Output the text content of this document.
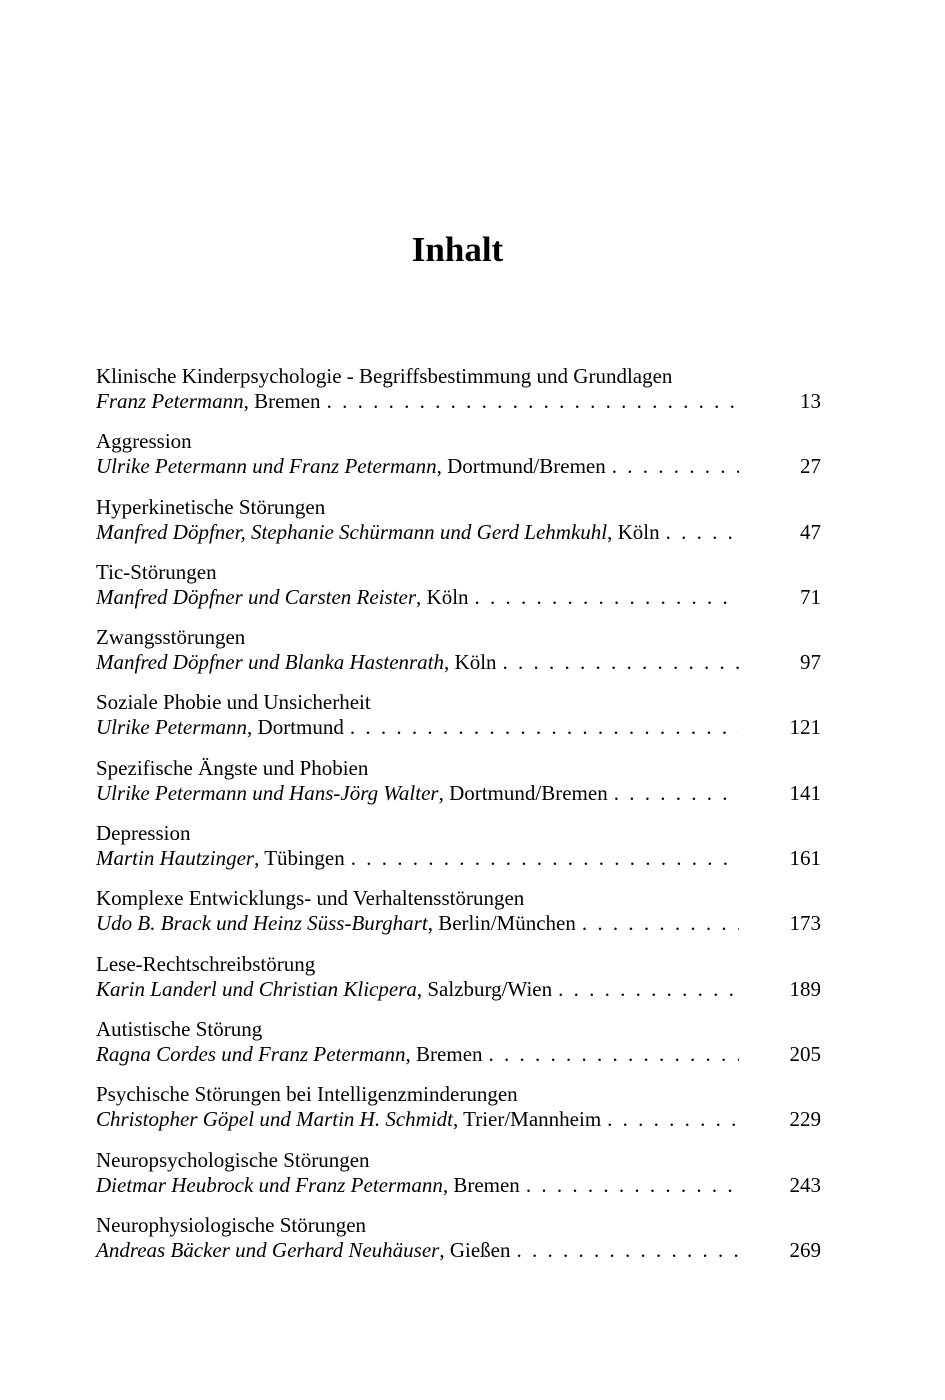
Inhalt
Klinische Kinderpsychologie - Begriffsbestimmung und Grundlagen
Franz Petermann , Bremen . . .	13
Aggression
Ulrike Petermann und Franz Petermann , Dortmund/Bremen . . .	27
Hyperkinetische Störungen
Manfred Döpfner, Stephanie Schürmann und Gerd Lehmkuhl , Köln . . .	47
Tic-Störungen
Manfred Döpfner und Carsten Reister , Köln . . .	71
Zwangsstörungen
Manfred Döpfner und Blanka Hastenrath , Köln . . .	97
Soziale Phobie und Unsicherheit
Ulrike Petermann , Dortmund . . .	121
Spezifische Ängste und Phobien
Ulrike Petermann und Hans-Jörg Walter , Dortmund/Bremen . . .	141
Depression
Martin Hautzinger , Tübingen . . .	161
Komplexe Entwicklungs- und Verhaltensstörungen
Udo B. Brack und Heinz Süss-Burghart , Berlin/München . . .	173
Lese-Rechtschreibstörung
Karin Landerl und Christian Klicpera , Salzburg/Wien . . .	189
Autistische Störung
Ragna Cordes und Franz Petermann , Bremen . . .	205
Psychische Störungen bei Intelligenzminderungen
Christopher Göpel und Martin H. Schmidt , Trier/Mannheim . . .	229
Neuropsychologische Störungen
Dietmar Heubrock und Franz Petermann , Bremen . . .	243
Neurophysiologische Störungen
Andreas Bäcker und Gerhard Neuhäuser , Gießen . . .	269
